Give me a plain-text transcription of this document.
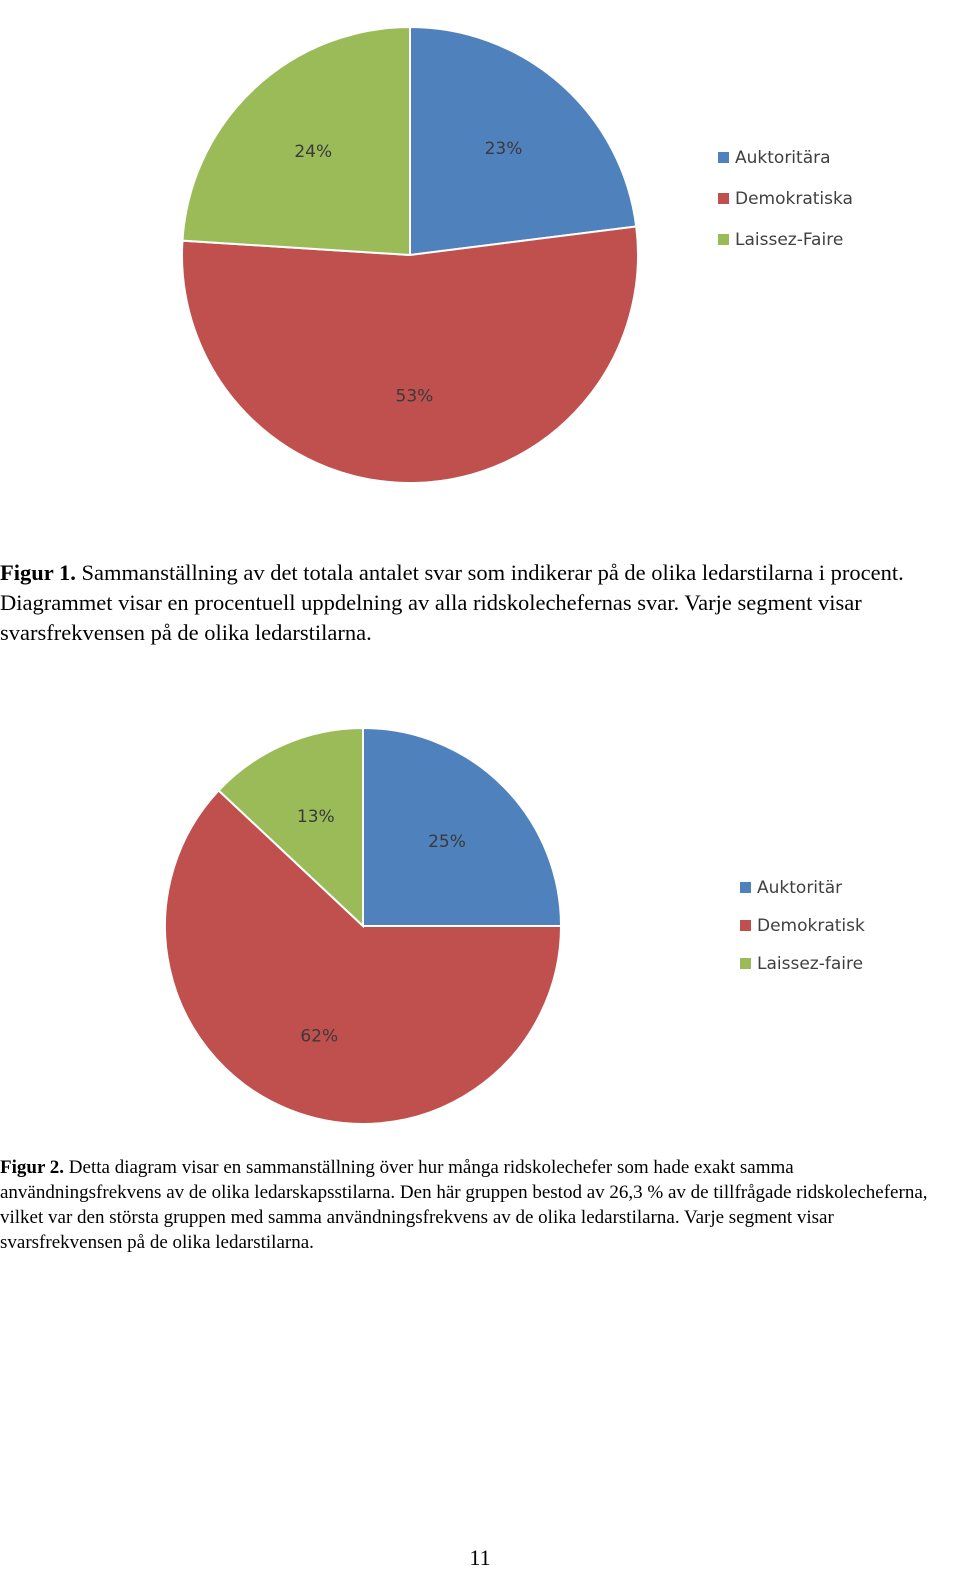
23%
53%
24%	Auktoritära
Demokratiska
Laissez-Faire

Figur 1. Sammanställning av det totala antalet svar som indikerar på de olika ledarstilarna i procent. Diagrammet visar en procentuell uppdelning av alla ridskolechefernas svar. Varje segment visar svarsfrekvensen på de olika ledarstilarna.

25%
62%
13%
Auktoritär
Demokratisk
Laissez-faire

Figur 2. Detta diagram visar en sammanställning över hur många ridskolechefer som hade exakt samma användningsfrekvens av de olika ledarskapsstilarna. Den här gruppen bestod av 26,3 % av de tillfrågade ridskolecheferna, vilket var den största gruppen med samma användningsfrekvens av de olika ledarstilarna. Varje segment visar svarsfrekvensen på de olika ledarstilarna.

11
